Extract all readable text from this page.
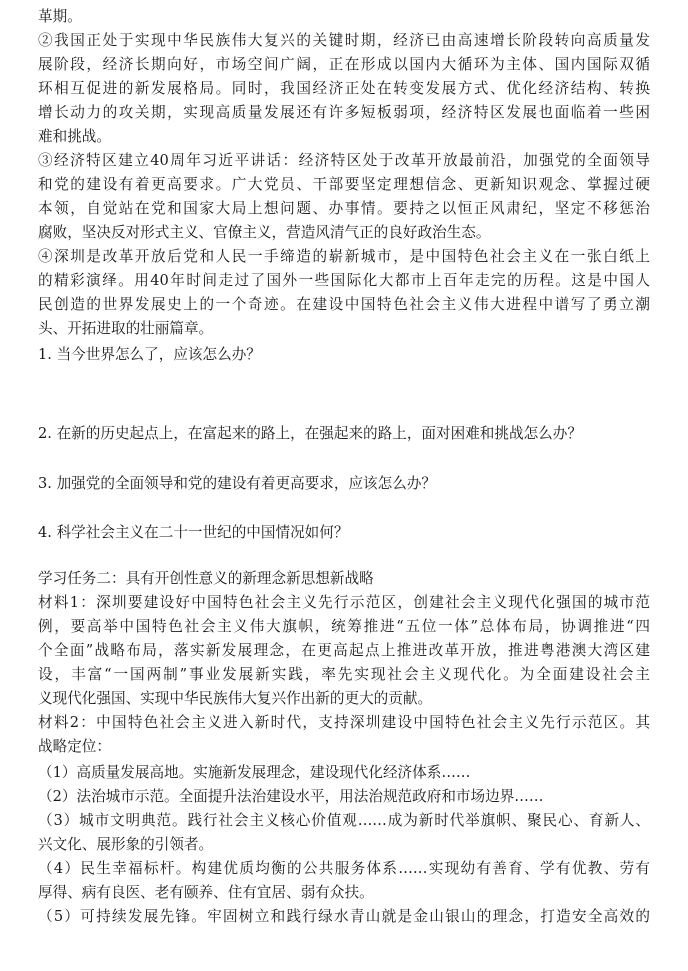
革期。

②我国正处于实现中华民族伟大复兴的关键时期，经济已由高速增长阶段转向高质量发

展阶段，经济长期向好，市场空间广阔，正在形成以国内大循环为主体、国内国际双循

环相互促进的新发展格局。同时，我国经济正处在转变发展方式、优化经济结构、转换

增长动力的攻关期，实现高质量发展还有许多短板弱项，经济特区发展也面临着一些困

难和挑战。

③经济特区建立40周年习近平讲话：经济特区处于改革开放最前沿，加强党的全面领导

和党的建设有着更高要求。广大党员、干部要坚定理想信念、更新知识观念、掌握过硬

本领，自觉站在党和国家大局上想问题、办事情。要持之以恒正风肃纪，坚定不移惩治

腐败，坚决反对形式主义、官僚主义，营造风清气正的良好政治生态。

④深圳是改革开放后党和人民一手缔造的崭新城市，是中国特色社会主义在一张白纸上

的精彩演绎。用40年时间走过了国外一些国际化大都市上百年走完的历程。这是中国人

民创造的世界发展史上的一个奇迹。在建设中国特色社会主义伟大进程中谱写了勇立潮

头、开拓进取的壮丽篇章。

1. 当今世界怎么了，应该怎么办？

2. 在新的历史起点上，在富起来的路上，在强起来的路上，面对困难和挑战怎么办？

3. 加强党的全面领导和党的建设有着更高要求，应该怎么办？

4. 科学社会主义在二十一世纪的中国情况如何？

学习任务二：具有开创性意义的新理念新思想新战略

材料1：深圳要建设好中国特色社会主义先行示范区，创建社会主义现代化强国的城市范

例，要高举中国特色社会主义伟大旗帜，统筹推进“五位一体”总体布局，协调推进“四

个全面”战略布局，落实新发展理念，在更高起点上推进改革开放，推进粤港澳大湾区建

设，丰富“一国两制”事业发展新实践，率先实现社会主义现代化。为全面建设社会主

义现代化强国、实现中华民族伟大复兴作出新的更大的贡献。

材料2：中国特色社会主义进入新时代，支持深圳建设中国特色社会主义先行示范区。其

战略定位：

（1）高质量发展高地。实施新发展理念，建设现代化经济体系……

（2）法治城市示范。全面提升法治建设水平，用法治规范政府和市场边界……

（3）城市文明典范。践行社会主义核心价值观……成为新时代举旗帜、聚民心、育新人、

兴文化、展形象的引领者。

（4）民生幸福标杆。构建优质均衡的公共服务体系……实现幼有善育、学有优教、劳有

厚得、病有良医、老有颐养、住有宜居、弱有众扶。

（5）可持续发展先锋。牢固树立和践行绿水青山就是金山银山的理念，打造安全高效的
